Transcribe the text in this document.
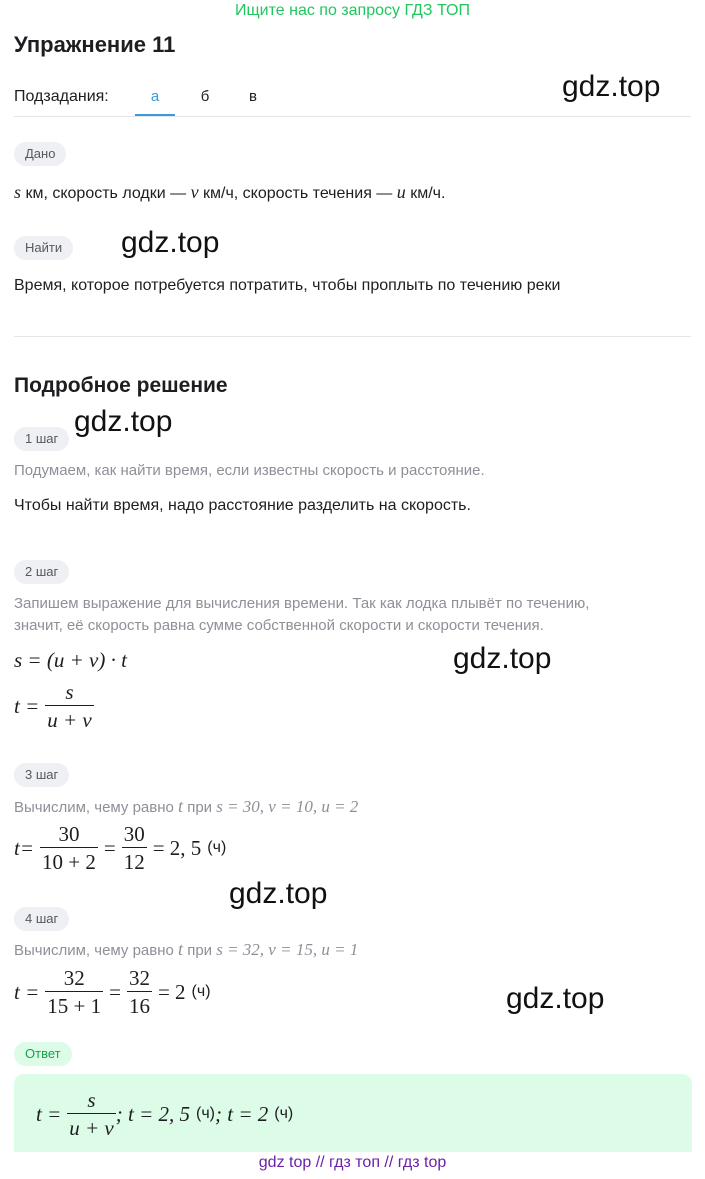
Ищите нас по запросу ГДЗ ТОП
Упражнение 11
Подзадания:	а	б	в	gdz.top
Дано
s км, скорость лодки — v км/ч, скорость течения — u км/ч.
Найти	gdz.top
Время, которое потребуется потратить, чтобы проплыть по течению реки
Подробное решение
gdz.top
1 шаг
Подумаем, как найти время, если известны скорость и расстояние.
Чтобы найти время, надо расстояние разделить на скорость.
2 шаг
Запишем выражение для вычисления времени. Так как лодка плывёт по течению,
значит, её скорость равна сумме собственной скорости и скорости течения.
s = (u + v) · t	gdz.top
$t = \frac{s}{u + v}$
3 шаг
Вычислим, чему равно t при s = 30, v = 10, u = 2
$t= \frac{30}{10 + 2} = \frac{30}{12} = 2$, 5 (ч)
gdz.top
4 шаг
Вычислим, чему равно t при s = 32, v = 15, u = 1
$t = \frac{32}{15 + 1} = \frac{32}{16} = 2$ (ч)	gdz.top
Ответ
$t = \frac{s}{u + v}$ ; t = 2, 5 (ч) ; t = 2 (ч)
gdz top // гдз топ // гдз top
